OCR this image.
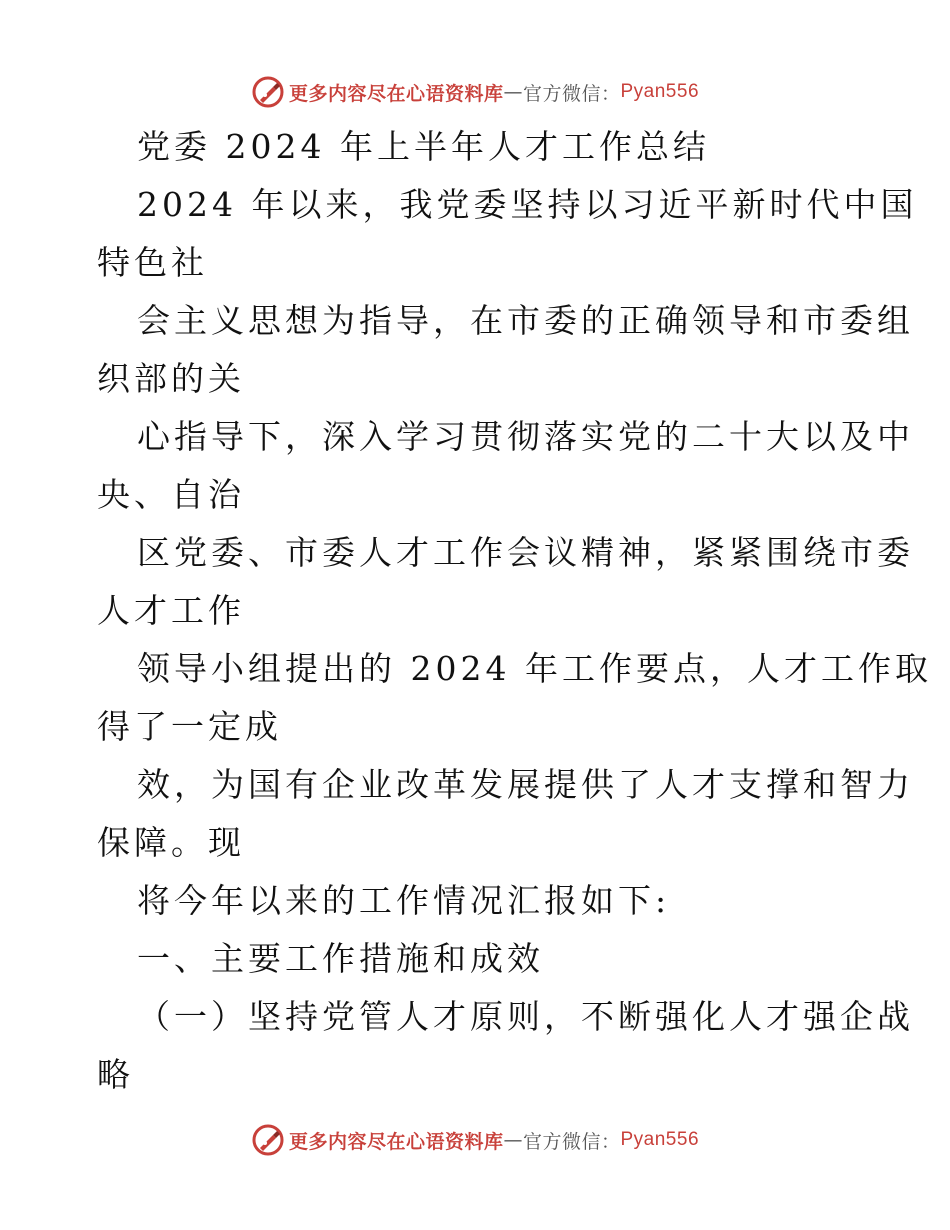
更多内容尽在心语资料库 — 官方微信： Pyan556
党委 2024 年上半年人才工作总结
2024 年以来，我党委坚持以习近平新时代中国
特色社
会主义思想为指导，在市委的正确领导和市委组
织部的关
心指导下，深入学习贯彻落实党的二十大以及中
央、自治
区党委、市委人才工作会议精神，紧紧围绕市委
人才工作
领导小组提出的 2024 年工作要点，人才工作取
得了一定成
效，为国有企业改革发展提供了人才支撑和智力
保障。现
将今年以来的工作情况汇报如下:
一、主要工作措施和成效
（一）坚持党管人才原则，不断强化人才强企战
略
更多内容尽在心语资料库 — 官方微信： Pyan556
